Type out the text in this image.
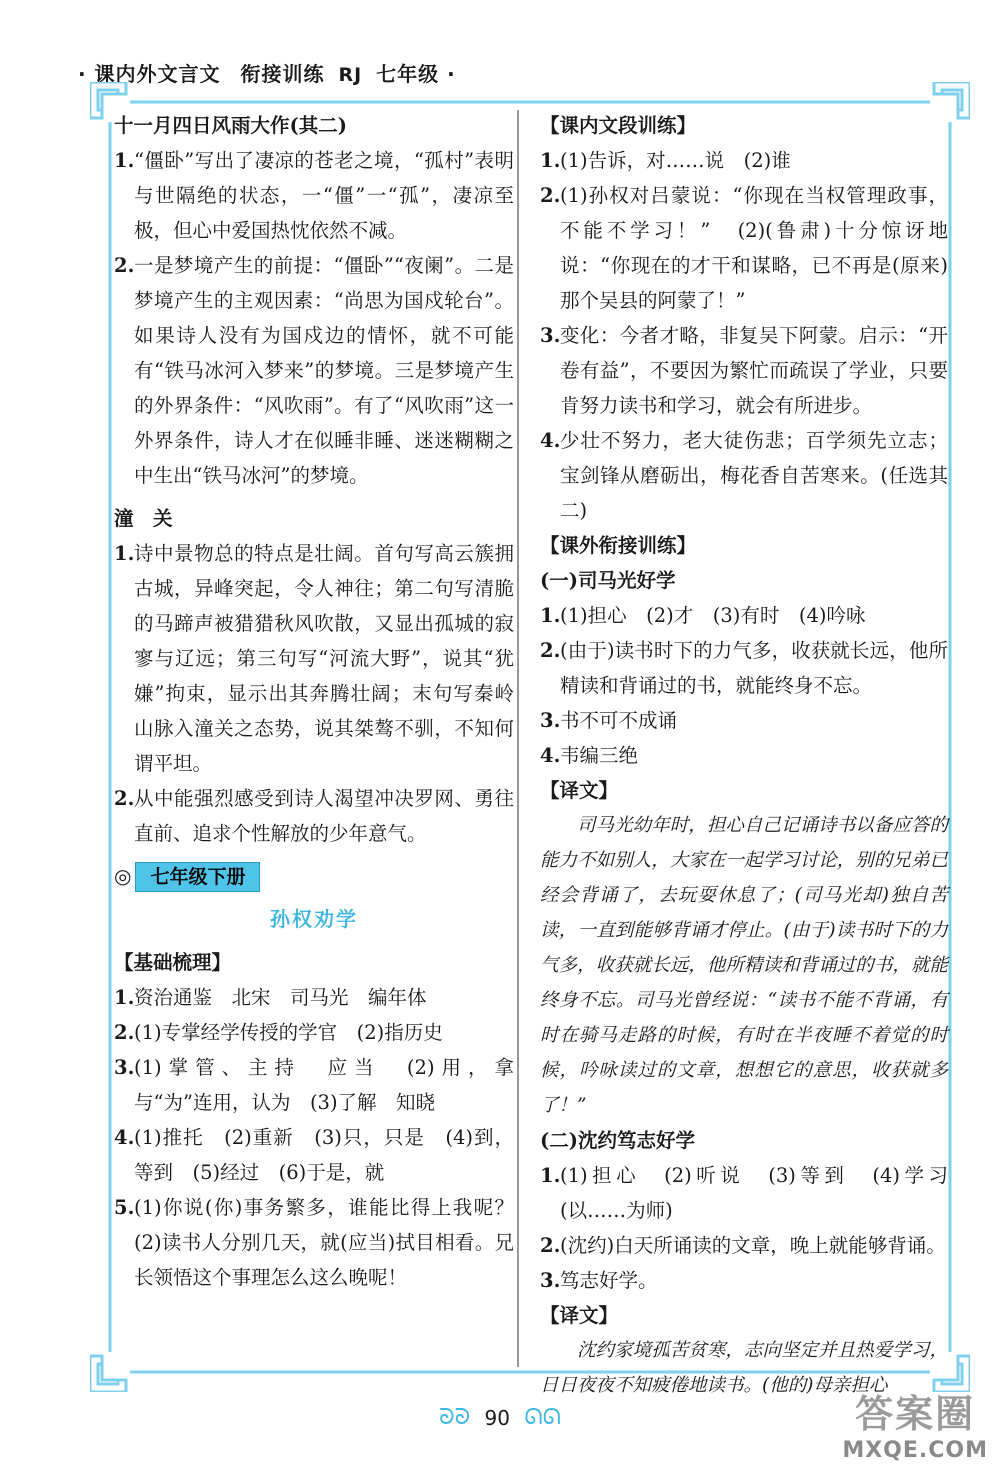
· 课内外文言文 衔接训练 RJ 七年级 ·
十一月四日风雨大作(其二)
1. “僵卧”写出了凄凉的苍老之境，“孤村”表明与世隔绝的状态，一“僵”一“孤”，凄凉至极，但心中爱国热忱依然不减。
2. 一是梦境产生的前提：“僵卧”“夜阑”。二是梦境产生的主观因素：“尚思为国戍轮台”。如果诗人没有为国戍边的情怀，就不可能有“铁马冰河入梦来”的梦境。三是梦境产生的外界条件：“风吹雨”。有了“风吹雨”这一外界条件，诗人才在似睡非睡、迷迷糊糊之中生出“铁马冰河”的梦境。
潼　关
1. 诗中景物总的特点是壮阔。首句写高云簇拥古城，异峰突起，令人神往；第二句写清脆的马蹄声被猎猎秋风吹散，又显出孤城的寂寥与辽远；第三句写“河流大野”，说其“犹嫌”拘束，显示出其奔腾壮阔；末句写秦岭山脉入潼关之态势，说其桀骜不驯，不知何谓平坦。
2. 从中能强烈感受到诗人渴望冲决罗网、勇往直前、追求个性解放的少年意气。
◎	七年级下册
孙权劝学
【基础梳理】
1. 资治通鉴　北宋　司马光　编年体
2. (1)专掌经学传授的学官　(2)指历史
3. (1)掌管、主持　应当　(2)用，拿　与“为”连用，认为　(3)了解　知晓
4. (1)推托　(2)重新　(3)只，只是　(4)到，等到　(5)经过　(6)于是，就
5. (1)你说(你)事务繁多，谁能比得上我呢？(2)读书人分别几天，就(应当)拭目相看。兄长领悟这个事理怎么这么晚呢！
【课内文段训练】
1. (1)告诉，对……说　(2)谁
2. (1)孙权对吕蒙说：“你现在当权管理政事，不能不学习！”　(2)(鲁肃)十分惊讶地说：“你现在的才干和谋略，已不再是(原来)那个吴县的阿蒙了！”
3. 变化：今者才略，非复吴下阿蒙。启示：“开卷有益”，不要因为繁忙而疏误了学业，只要肯努力读书和学习，就会有所进步。
4. 少壮不努力，老大徒伤悲；百学须先立志；宝剑锋从磨砺出，梅花香自苦寒来。(任选其二)
【课外衔接训练】
(一)司马光好学
1. (1)担心　(2)才　(3)有时　(4)吟咏
2. (由于)读书时下的力气多，收获就长远，他所精读和背诵过的书，就能终身不忘。
3. 书不可不成诵
4. 韦编三绝
【译文】
司马光幼年时，担心自己记诵诗书以备应答的能力不如别人，大家在一起学习讨论，别的兄弟已经会背诵了，去玩耍休息了；(司马光却)独自苦读，一直到能够背诵才停止。(由于)读书时下的力气多，收获就长远，他所精读和背诵过的书，就能终身不忘。司马光曾经说：“读书不能不背诵，有时在骑马走路的时候，有时在半夜睡不着觉的时候，吟咏读过的文章，想想它的意思，收获就多了！”
(二)沈约笃志好学
1. (1)担心　(2)听说　(3)等到　(4)学习(以……为师)
2. (沈约)白天所诵读的文章，晚上就能够背诵。
3. 笃志好学。
【译文】
沈约家境孤苦贫寒，志向坚定并且热爱学习，日日夜夜不知疲倦地读书。(他的)母亲担心
ᘐᘐ 90 ᘏᘏ	答案圈
MXQE.COM
